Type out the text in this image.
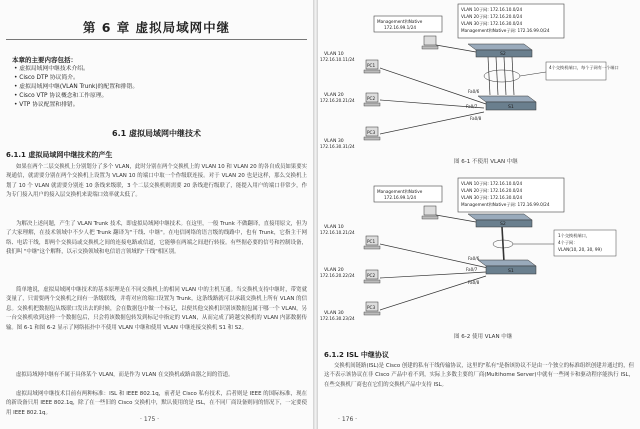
第 6 章 虚拟局域网中继
本章的主要内容包括：
• 虚拟局域网中继技术介绍。
• Cisco DTP 协议简介。
• 虚拟局域网中继(VLAN Trunk)的配置和排错。
• Cisco VTP 协议概念和工作原理。
• VTP 协议配置和排错。
6.1 虚拟局域网中继技术
6.1.1 虚拟局域网中继技术的产生

如果在两个二层交换机上分别划分了多个 VLAN，此时分别在两个交换机上的 VLAN 10 和 VLAN 20 的各自成员如果要实现通信，就需要分别在两个交换机上设置为 VLAN 10 的端口中取一个作级联连接。对于 VLAN 20 也是这样，那么交换机上划了 10 个 VLAN 就需要分别连 10 条线来级联，3 个二层交换机则需要 20 条线进行级联了，能提入用户的端口非常少，作为专门接入用户的接入层交换机来说端口效率就太低了。

为解决上述问题，产生了 VLAN Trunk 技术，即虚拟局域网中继技术。在这里，一般 Trunk 不做翻译，直接用原文，但为了大家理解，在技术领域中不少人把 Trunk 翻译为"干线、中继"。在电信网络的语言级的线路中，也有 Trunk，它指主干网络、电话干线，即两个交换局或交换机之间的连接电路或信道，它能够在两端之间进行转接。有些据必要的信号和控制设备，我们叫 "中继"这个解释，以示交换领域和电信语言领域的"干线"相区别。

简单地说，虚拟局域网中继技术的基本原理是在不同交换机上的相同 VLAN 中的主机互通。当交换机支持中继时，带宽就变量了，只需要两个交换机之间有一条级联线，并将对应的端口设置为 Trunk，这条线路就可以承载交换机上所有 VLAN 的信息。交换机把数据包从级联口发出去的时候，会在数据包中做一个标记，以便其他交换机识别该数据包属于哪一个 VLAN，另一台交换机收到这样一个数据包后，只会将该数据包转发到标记中指定的 VLAN，从而完成了跨越交换机的 VLAN 内部数据传输。图 6-1 和图 6-2 显示了网络拓扑中不使用 VLAN 中继和使用 VLAN 中继连接交换机 S1 和 S2。

虚拟局域网中继有不属于具体某个 VLAN，而是作为 VLAN 在交换机或路由器之间的管道。

虚拟局域网中继技术目前有两种标准：ISL 和 IEEE 802.1q，前者是 Cisco 私有技术，后者则是 IEEE 的国际标准，现在的新设备只用 IEEE 802.1q，除了在一些旧的 Cisco 交换机中，默认使用的是 ISL，在不同厂商设备则同的情况下，一定要使用 IEEE 802.1q。

· 175 ·
VLAN 10子网: 172.16.10.0/24
VLAN 20子网: 172.16.20.0/24
VLAN 30子网: 172.16.30.0/24
Management和Native子网: 172.16.99.0/24
Management和Native
172.16.99.1/24
S2
S1
Fa0/6
Fa0/7
Fa0/8
4个交换机端口，每个子网有一个端口
PC1
VLAN 10
172.16.10.11/24
PC2
VLAN 20
172.16.20.21/24
PC3
VLAN 30
172.16.30.31/24
图 6-1 不使用 VLAN 中继
VLAN 10子网: 172.16.10.0/24
VLAN 20子网: 172.16.20.0/24
VLAN 30子网: 172.16.30.0/24
Management和Native子网: 172.16.99.0/24
Management和Native
172.16.99.1/24
S2
S1
Fa0/6
Fa0/7
Fa0/8
1个交换机端口，
4个子网：
VLAN(10, 20, 30, 99)
PC1
VLAN 10
172.16.10.21/24
PC2
VLAN 20
172.16.20.22/24
PC3
VLAN 30
172.16.30.23/24
图 6-2 使用 VLAN 中继
6.1.2 ISL 中继协议

交换机间链路(ISL)是 Cisco 创建的私有干线传输协议，这里的"私有"是指该协议不是由一个独立的标准组织创建并通过的，但这不表示该协议在非 Cisco 产品中看不到，实际上多数主要的厂商(Multihome Server)中就有一些网卡和驱动程序能执行 ISL，在些交换机厂商也在它们的交换机产品中支持 ISL。

· 176 ·
